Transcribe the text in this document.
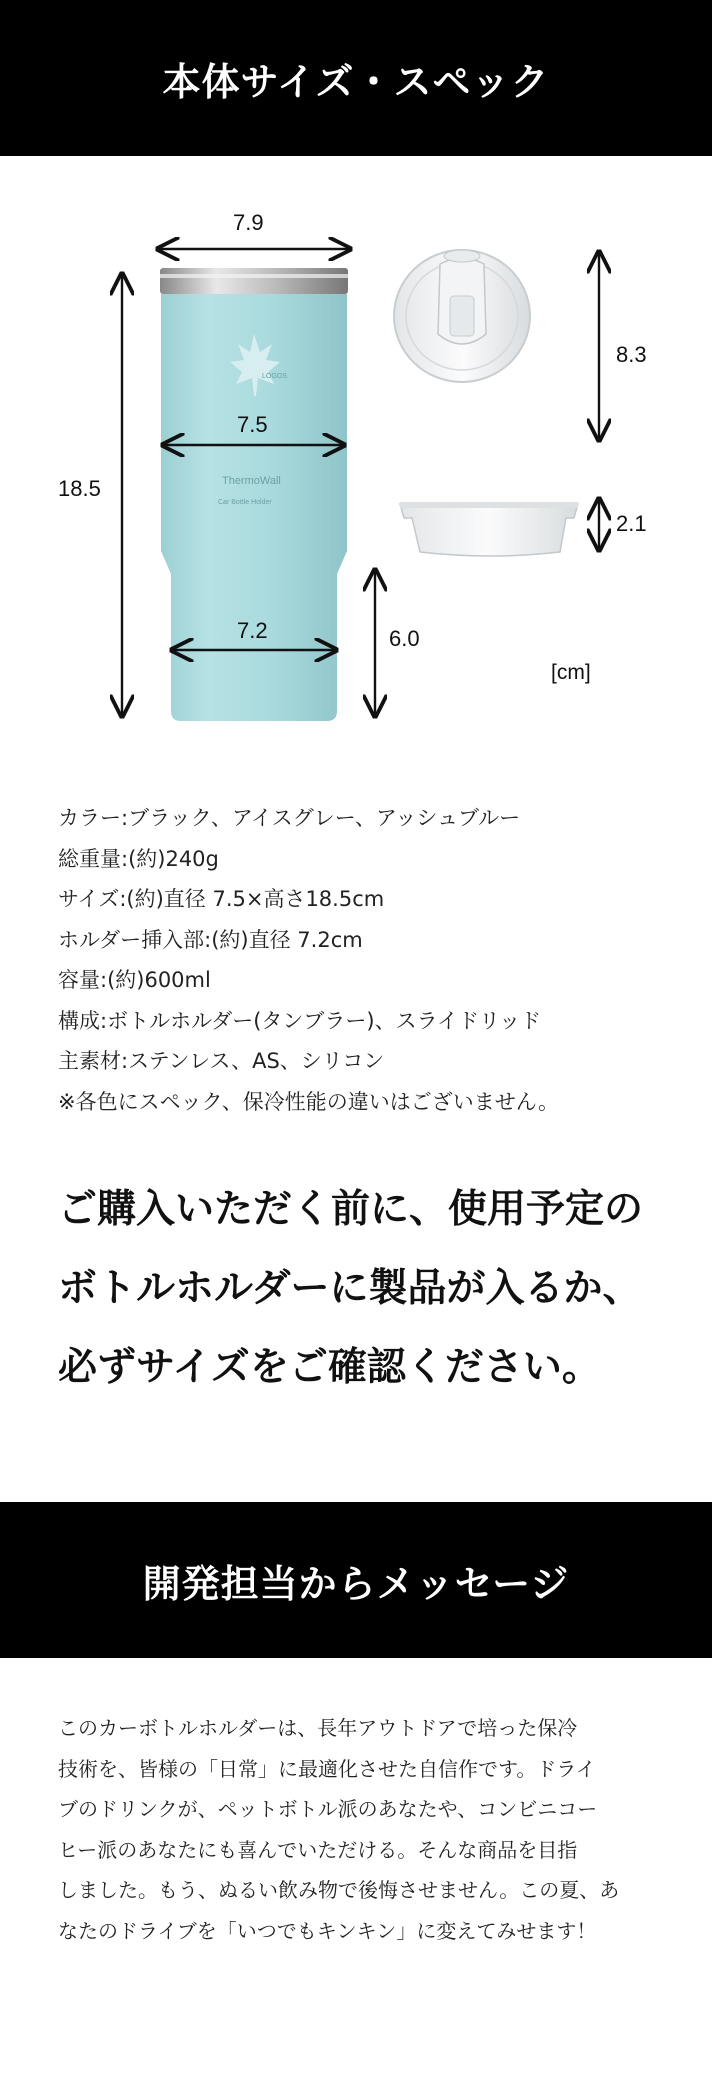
本体サイズ・スペック
LOGOS
ThermoWall
Car Bottle Holder
7.9
18.5
7.5
7.2	6.0
8.3
2.1
[cm]
カラー:ブラック、アイスグレー、アッシュブルー
総重量:(約)240g
サイズ:(約)直径 7.5×高さ18.5cm
ホルダー挿入部:(約)直径 7.2cm
容量:(約)600ml
構成:ボトルホルダー(タンブラー)、スライドリッド
主素材:ステンレス、AS、シリコン
※各色にスペック、保冷性能の違いはございません。
ご購入いただく前に、使用予定の
ボトルホルダーに製品が入るか、
必ずサイズをご確認ください。
開発担当からメッセージ
このカーボトルホルダーは、長年アウトドアで培った保冷
技術を、皆様の「日常」に最適化させた自信作です。ドライ
ブのドリンクが、ペットボトル派のあなたや、コンビニコー
ヒー派のあなたにも喜んでいただける。そんな商品を目指
しました。もう、ぬるい飲み物で後悔させません。この夏、あ
なたのドライブを「いつでもキンキン」に変えてみせます！
